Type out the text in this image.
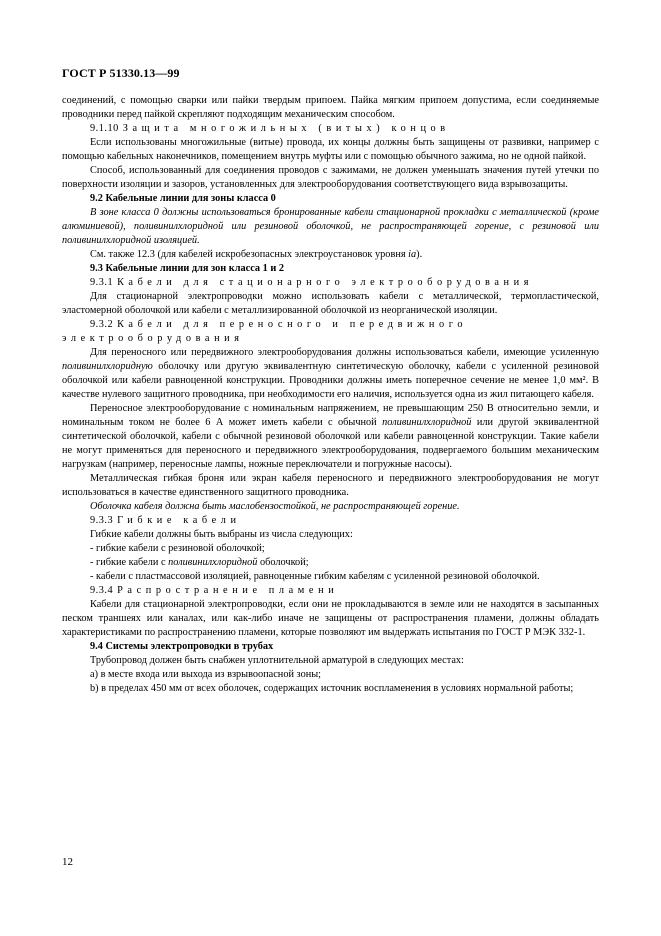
ГОСТ Р 51330.13—99

соединений, с помощью сварки или пайки твердым припоем. Пайка мягким припоем допустима, если соединяемые проводники перед пайкой скрепляют подходящим механическим способом.

9.1.10 Защита многожильных (витых) концов

Если использованы многожильные (витые) провода, их концы должны быть защищены от развивки, например с помощью кабельных наконечников, помещением внутрь муфты или с помощью обычного зажима, но не одной пайкой.

Способ, использованный для соединения проводов с зажимами, не должен уменьшать значения путей утечки по поверхности изоляции и зазоров, установленных для электрооборудования соответствующего вида взрывозащиты.

9.2 Кабельные линии для зоны класса 0

В зоне класса 0 должны использоваться бронированные кабели стационарной прокладки с металлической (кроме алюминиевой), поливинилхлоридной или резиновой оболочкой, не распространяющей горение, с резиновой или поливинилхлоридной изоляцией.

См. также 12.3 (для кабелей искробезопасных электроустановок уровня ia).

9.3 Кабельные линии для зон класса 1 и 2

9.3.1 Кабели для стационарного электрооборудования

Для стационарной электропроводки можно использовать кабели с металлической, термопластической, эластомерной оболочкой или кабели с металлизированной оболочкой из неорганической изоляции.

9.3.2 Кабели для переносного и передвижного электрооборудования

Для переносного или передвижного электрооборудования должны использоваться кабели, имеющие усиленную поливинилхлоридную оболочку или другую эквивалентную синтетическую оболочку, кабели с усиленной резиновой оболочкой или кабели равноценной конструкции. Проводники должны иметь поперечное сечение не менее 1,0 мм². В качестве нулевого защитного проводника, при необходимости его наличия, используется одна из жил питающего кабеля.

Переносное электрооборудование с номинальным напряжением, не превышающим 250 В относительно земли, и номинальным током не более 6 А может иметь кабели с обычной поливинилхлоридной или другой эквивалентной синтетической оболочкой, кабели с обычной резиновой оболочкой или кабели равноценной конструкции. Такие кабели не могут применяться для переносного и передвижного электрооборудования, подвергаемого большим механическим нагрузкам (например, переносные лампы, ножные переключатели и погружные насосы).

Металлическая гибкая броня или экран кабеля переносного и передвижного электрооборудования не могут использоваться в качестве единственного защитного проводника.

Оболочка кабеля должна быть маслобензостойкой, не распространяющей горение.

9.3.3 Гибкие кабели

Гибкие кабели должны быть выбраны из числа следующих:

- гибкие кабели с резиновой оболочкой;

- гибкие кабели с поливинилхлоридной оболочкой;

- кабели с пластмассовой изоляцией, равноценные гибким кабелям с усиленной резиновой оболочкой.

9.3.4 Распространение пламени

Кабели для стационарной электропроводки, если они не прокладываются в земле или не находятся в засыпанных песком траншеях или каналах, или как-либо иначе не защищены от распространения пламени, должны обладать характеристиками по распространению пламени, которые позволяют им выдержать испытания по ГОСТ Р МЭК 332-1.

9.4 Системы электропроводки в трубах

Трубопровод должен быть снабжен уплотнительной арматурой в следующих местах:

а) в месте входа или выхода из взрывоопасной зоны;

b) в пределах 450 мм от всех оболочек, содержащих источник воспламенения в условиях нормальной работы;

12
